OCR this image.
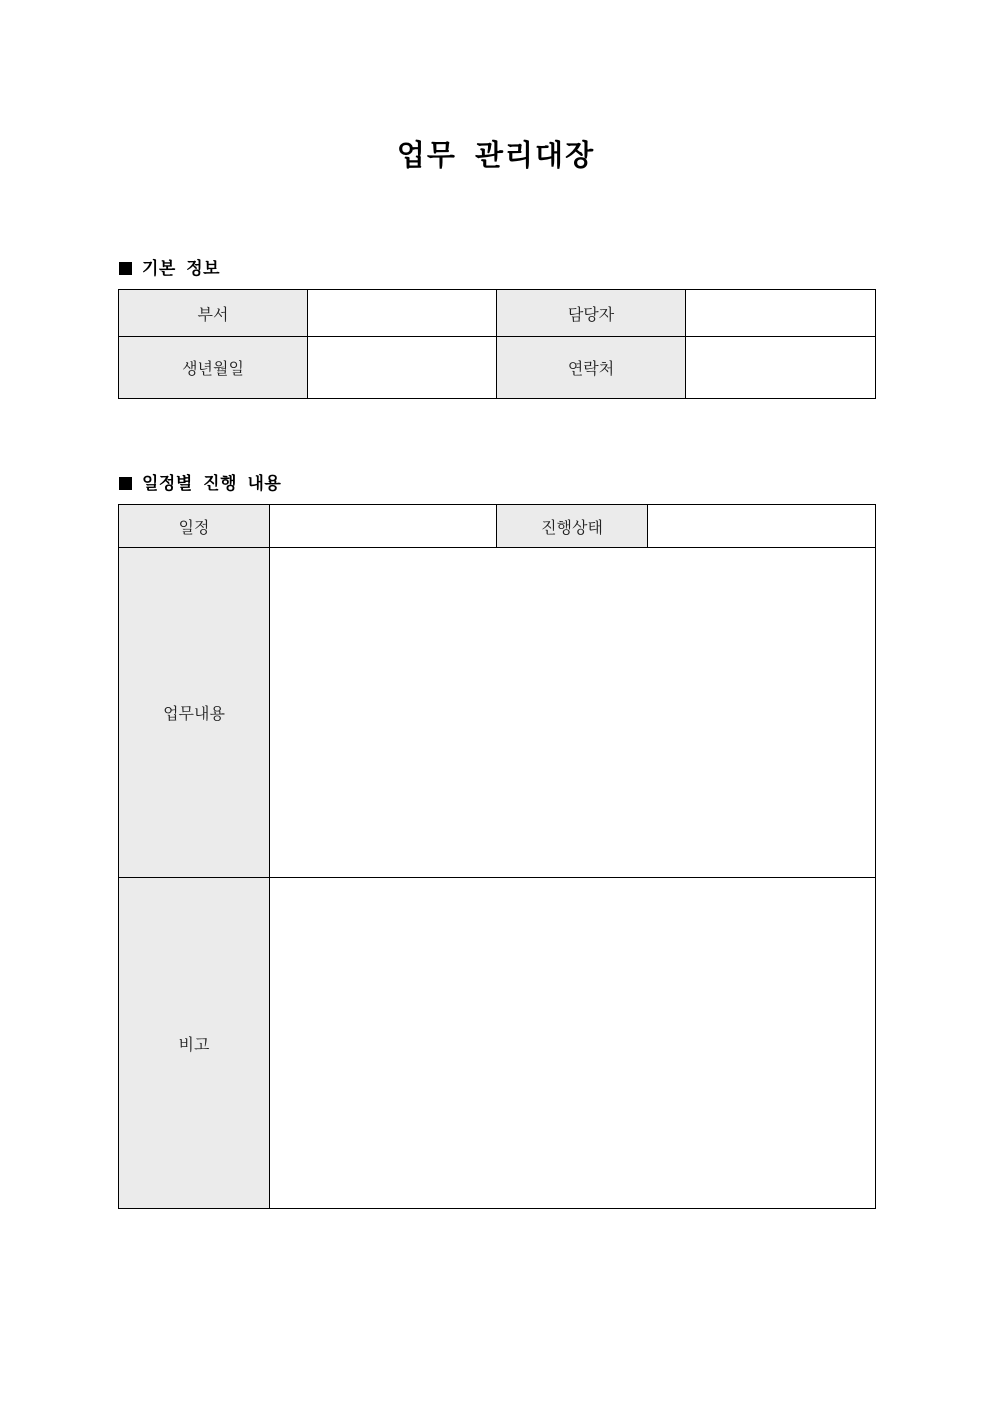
업무 관리대장
기본 정보
부서		담당자	
생년월일		연락처	
일정별 진행 내용
일정		진행상태	
업무내용			
비고			
